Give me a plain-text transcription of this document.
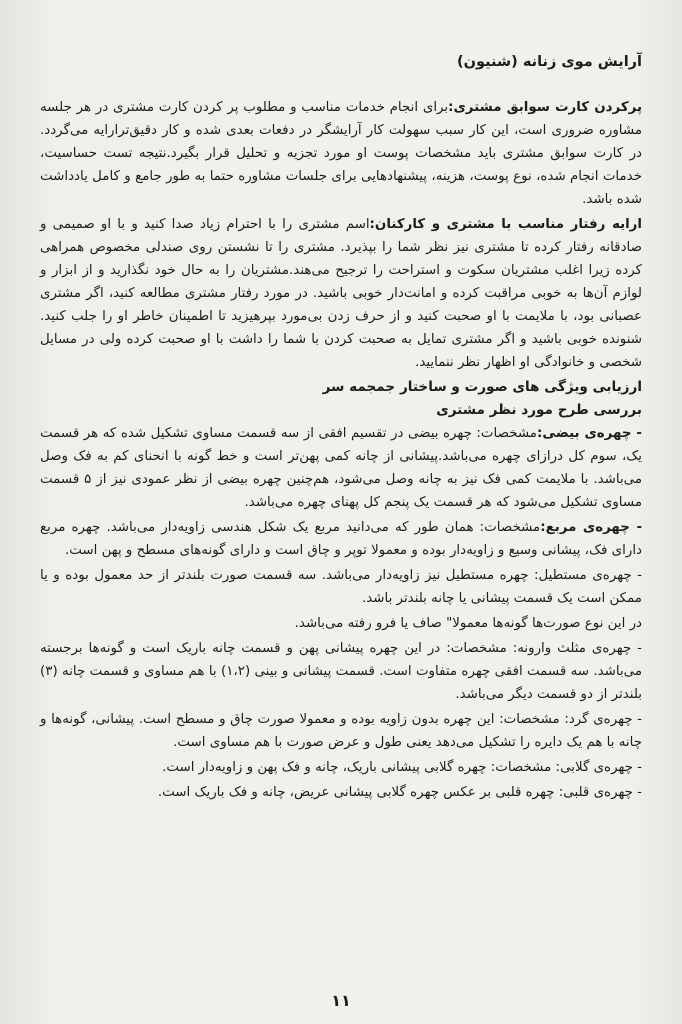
آرایش موی زنانه (شنیون)

پرکردن کارت سوابق مشتری:برای انجام خدمات مناسب و مطلوب پر کردن کارت مشتری در هر جلسه مشاوره ضروری است، این کار سبب سهولت کار آرایشگر در دفعات بعدی شده و کار دقیق‌ترارایه می‌گردد. در کارت سوابق مشتری باید مشخصات پوست او مورد تجزیه و تحلیل قرار بگیرد.نتیجه تست حساسیت، خدمات انجام شده، نوع پوست، هزینه، پیشنهادهایی برای جلسات مشاوره حتما به طور جامع و کامل یادداشت شده باشد.

ارایه رفتار مناسب با مشتری و کارکنان:اسم مشتری را با احترام زیاد صدا کنید و با او صمیمی و صادقانه رفتار کرده تا مشتری نیز نظر شما را بپذیرد. مشتری را تا نشستن روی صندلی مخصوص همراهی کرده زیرا اغلب مشتریان سکوت و استراحت را ترجیح می‌هند.مشتریان را به حال خود نگذارید و از ابزار و لوازم آن‌ها به خوبی مراقبت کرده و امانت‌دار خوبی باشید. در مورد رفتار مشتری مطالعه کنید، اگر مشتری عصبانی بود، با ملایمت با او صحبت کنید و از حرف زدن بی‌مورد بپرهیزید تا اطمینان خاطر او را جلب کنید. شنونده خوبی باشید و اگر مشتری تمایل به صحبت کردن با شما را داشت با او صحبت کرده ولی در مسایل شخصی و خانوادگی او اظهار نظر ننمایید.

ارزیابی ویژگی های صورت و ساختار جمجمه سر
بررسی طرح مورد نظر مشتری

- چهره‌ی بیضی:مشخصات: چهره بیضی در تقسیم افقی از سه قسمت مساوی تشکیل شده که هر قسمت یک، سوم کل درازای چهره می‌باشد.پیشانی از چانه کمی پهن‌تر است و خط گونه با انحنای کم به فک وصل می‌باشد. با ملایمت کمی فک نیز به چانه وصل می‌شود، هم‌چنین چهره بیضی از نظر عمودی نیز از ۵ قسمت مساوی تشکیل می‌شود که هر قسمت یک پنجم کل پهنای چهره می‌باشد.

- چهره‌ی مربع:مشخصات: همان طور که می‌دانید مربع یک شکل هندسی زاویه‌دار می‌باشد. چهره مربع دارای فک، پیشانی وسیع و زاویه‌دار بوده و معمولا توپر و چاق است و دارای گونه‌های مسطح و پهن است.

- چهره‌ی مستطیل: چهره مستطیل نیز زاویه‌دار می‌باشد. سه قسمت صورت بلندتر از حد معمول بوده و یا ممکن است یک قسمت پیشانی یا چانه بلندتر باشد.

در این نوع صورت‌ها گونه‌ها معمولا" صاف یا فرو رفته می‌باشد.

- چهره‌ی مثلث وارونه: مشخصات: در این چهره پیشانی پهن و قسمت چانه باریک است و گونه‌ها برجسته می‌باشد. سه قسمت افقی چهره متفاوت است. قسمت پیشانی و بینی (۱،۲) با هم مساوی و قسمت چانه (۳) بلندتر از دو قسمت دیگر می‌باشد.

- چهره‌ی گرد: مشخصات: این چهره بدون زاویه بوده و معمولا صورت چاق و مسطح است. پیشانی، گونه‌ها و چانه با هم یک دایره را تشکیل می‌دهد یعنی طول و عرض صورت با هم مساوی است.

- چهره‌ی گلابی: مشخصات: چهره گلابی پیشانی باریک، چانه و فک پهن و زاویه‌دار است.

- چهره‌ی قلبی: چهره قلبی بر عکس چهره گلابی پیشانی عریض، چانه و فک باریک است.

۱۱
